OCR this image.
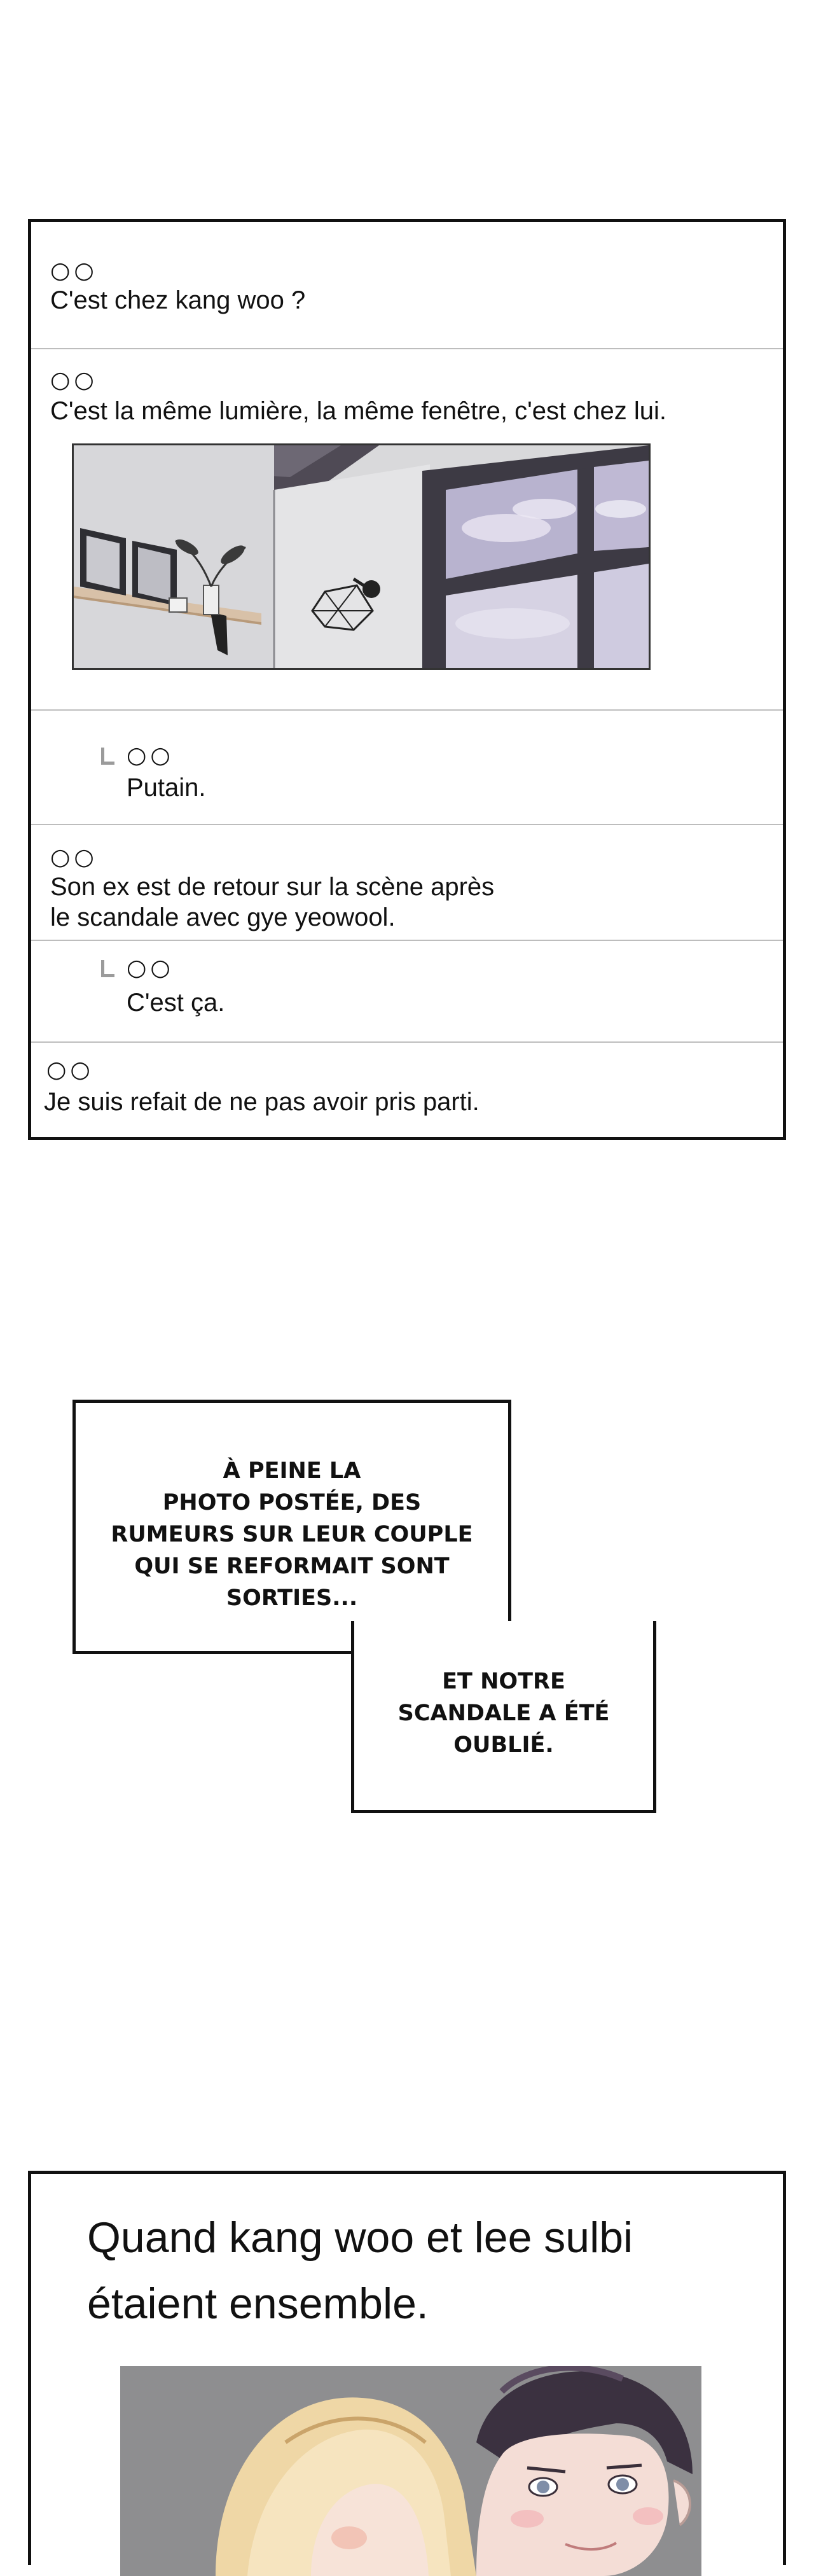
○○
C'est chez kang woo ?
○○
C'est la même lumière, la même fenêtre, c'est chez lui.
○○
Putain.
○○
Son ex est de retour sur la scène après
le scandale avec gye yeowool.
○○
C'est ça.
○○
Je suis refait de ne pas avoir pris parti.
À PEINE LA
PHOTO POSTÉE, DES
RUMEURS SUR LEUR COUPLE
QUI SE REFORMAIT SONT
SORTIES...
ET NOTRE
SCANDALE A ÉTÉ
OUBLIÉ.
Quand kang woo et lee sulbi étaient ensemble.
